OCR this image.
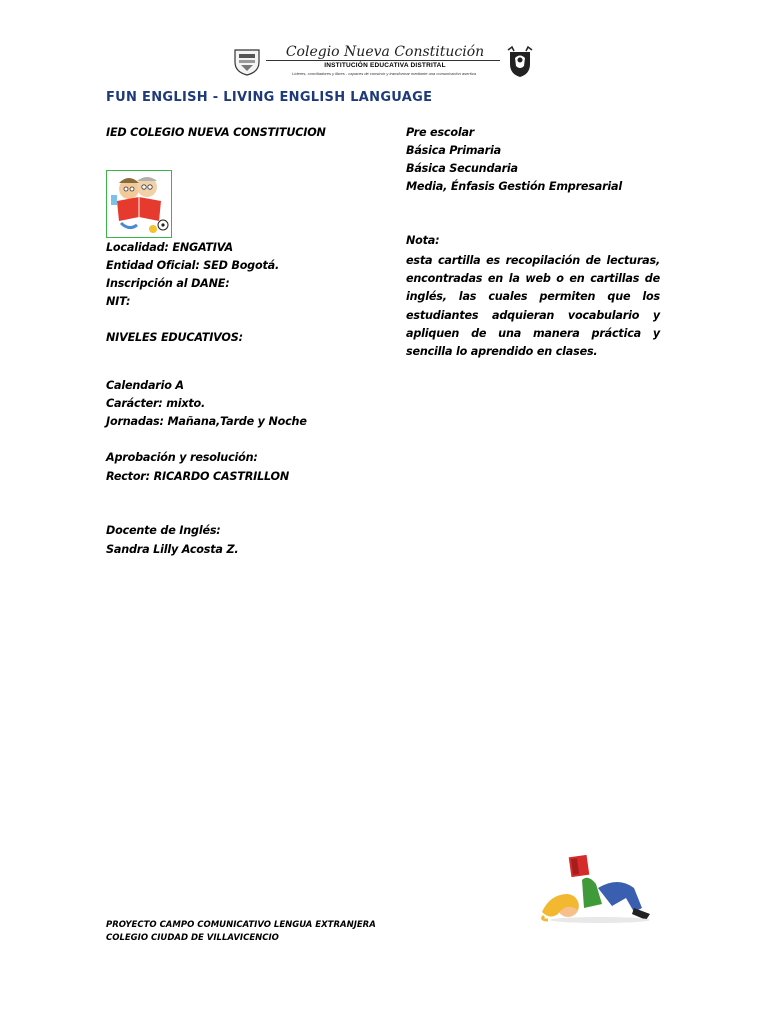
Colegio Nueva Constitución
INSTITUCIÓN EDUCATIVA DISTRITAL
Líderes, conciliadores y libres - capaces de construir y transformar mediante una comunicación asertiva
FUN ENGLISH - LIVING ENGLISH LANGUAGE
IED COLEGIO NUEVA CONSTITUCION
Localidad: ENGATIVA
Entidad Oficial: SED Bogotá.
Inscripción al DANE:
NIT:
NIVELES EDUCATIVOS:
Calendario A
Carácter: mixto.
Jornadas: Mañana,Tarde y Noche
Aprobación y resolución:
Rector: RICARDO CASTRILLON
Docente de Inglés:
Sandra Lilly Acosta Z.
Pre escolar
Básica Primaria
Básica Secundaria
Media, Énfasis Gestión Empresarial
Nota:
esta cartilla es recopilación de lecturas, encontradas en la web o en cartillas de inglés, las cuales permiten que los estudiantes adquieran vocabulario y apliquen de una manera práctica y sencilla lo aprendido en clases.
PROYECTO CAMPO COMUNICATIVO LENGUA EXTRANJERA
COLEGIO CIUDAD DE VILLAVICENCIO
